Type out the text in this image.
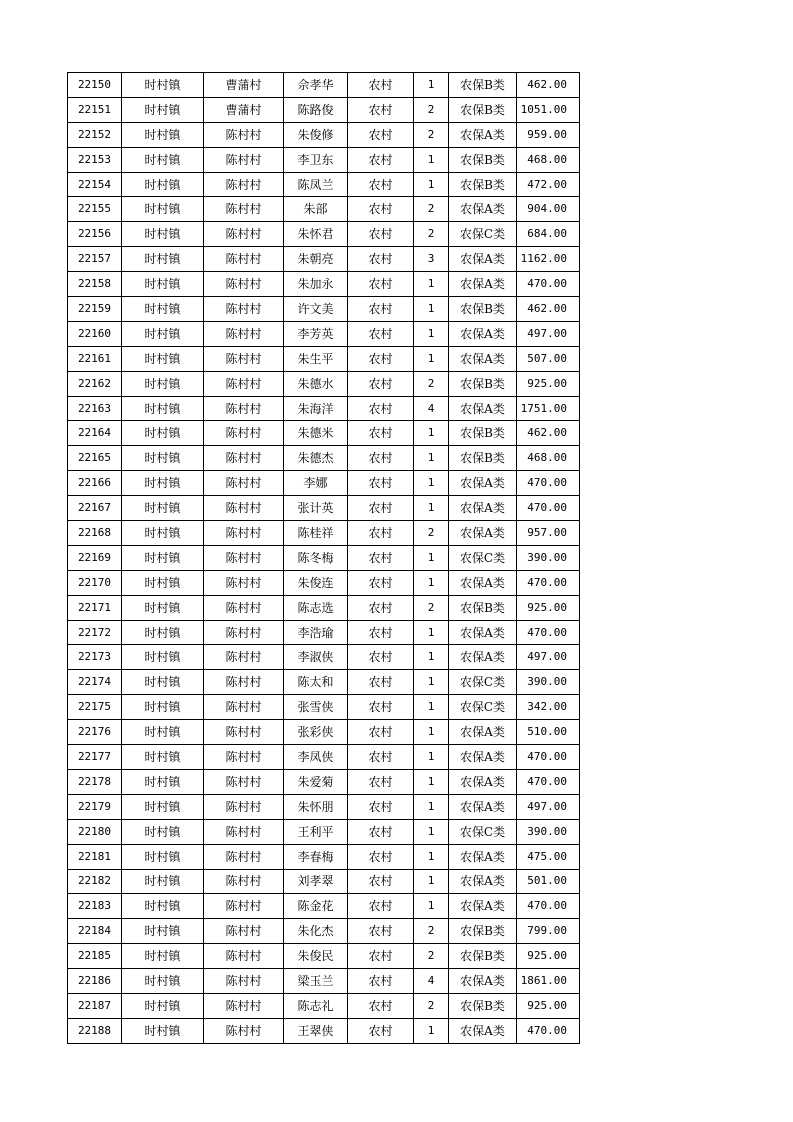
22150	时村镇	曹蒲村	佘孝华	农村	1	农保B类	462.00
22151	时村镇	曹蒲村	陈路俊	农村	2	农保B类	1051.00
22152	时村镇	陈村村	朱俊修	农村	2	农保A类	959.00
22153	时村镇	陈村村	李卫东	农村	1	农保B类	468.00
22154	时村镇	陈村村	陈凤兰	农村	1	农保B类	472.00
22155	时村镇	陈村村	朱部	农村	2	农保A类	904.00
22156	时村镇	陈村村	朱怀君	农村	2	农保C类	684.00
22157	时村镇	陈村村	朱朝亮	农村	3	农保A类	1162.00
22158	时村镇	陈村村	朱加永	农村	1	农保A类	470.00
22159	时村镇	陈村村	许文美	农村	1	农保B类	462.00
22160	时村镇	陈村村	李芳英	农村	1	农保A类	497.00
22161	时村镇	陈村村	朱生平	农村	1	农保A类	507.00
22162	时村镇	陈村村	朱德水	农村	2	农保B类	925.00
22163	时村镇	陈村村	朱海洋	农村	4	农保A类	1751.00
22164	时村镇	陈村村	朱德米	农村	1	农保B类	462.00
22165	时村镇	陈村村	朱德杰	农村	1	农保B类	468.00
22166	时村镇	陈村村	李娜	农村	1	农保A类	470.00
22167	时村镇	陈村村	张计英	农村	1	农保A类	470.00
22168	时村镇	陈村村	陈桂祥	农村	2	农保A类	957.00
22169	时村镇	陈村村	陈冬梅	农村	1	农保C类	390.00
22170	时村镇	陈村村	朱俊连	农村	1	农保A类	470.00
22171	时村镇	陈村村	陈志选	农村	2	农保B类	925.00
22172	时村镇	陈村村	李浩瑜	农村	1	农保A类	470.00
22173	时村镇	陈村村	李淑侠	农村	1	农保A类	497.00
22174	时村镇	陈村村	陈太和	农村	1	农保C类	390.00
22175	时村镇	陈村村	张雪侠	农村	1	农保C类	342.00
22176	时村镇	陈村村	张彩侠	农村	1	农保A类	510.00
22177	时村镇	陈村村	李凤侠	农村	1	农保A类	470.00
22178	时村镇	陈村村	朱爱菊	农村	1	农保A类	470.00
22179	时村镇	陈村村	朱怀朋	农村	1	农保A类	497.00
22180	时村镇	陈村村	王利平	农村	1	农保C类	390.00
22181	时村镇	陈村村	李春梅	农村	1	农保A类	475.00
22182	时村镇	陈村村	刘孝翠	农村	1	农保A类	501.00
22183	时村镇	陈村村	陈金花	农村	1	农保A类	470.00
22184	时村镇	陈村村	朱化杰	农村	2	农保B类	799.00
22185	时村镇	陈村村	朱俊民	农村	2	农保B类	925.00
22186	时村镇	陈村村	梁玉兰	农村	4	农保A类	1861.00
22187	时村镇	陈村村	陈志礼	农村	2	农保B类	925.00
22188	时村镇	陈村村	王翠侠	农村	1	农保A类	470.00
